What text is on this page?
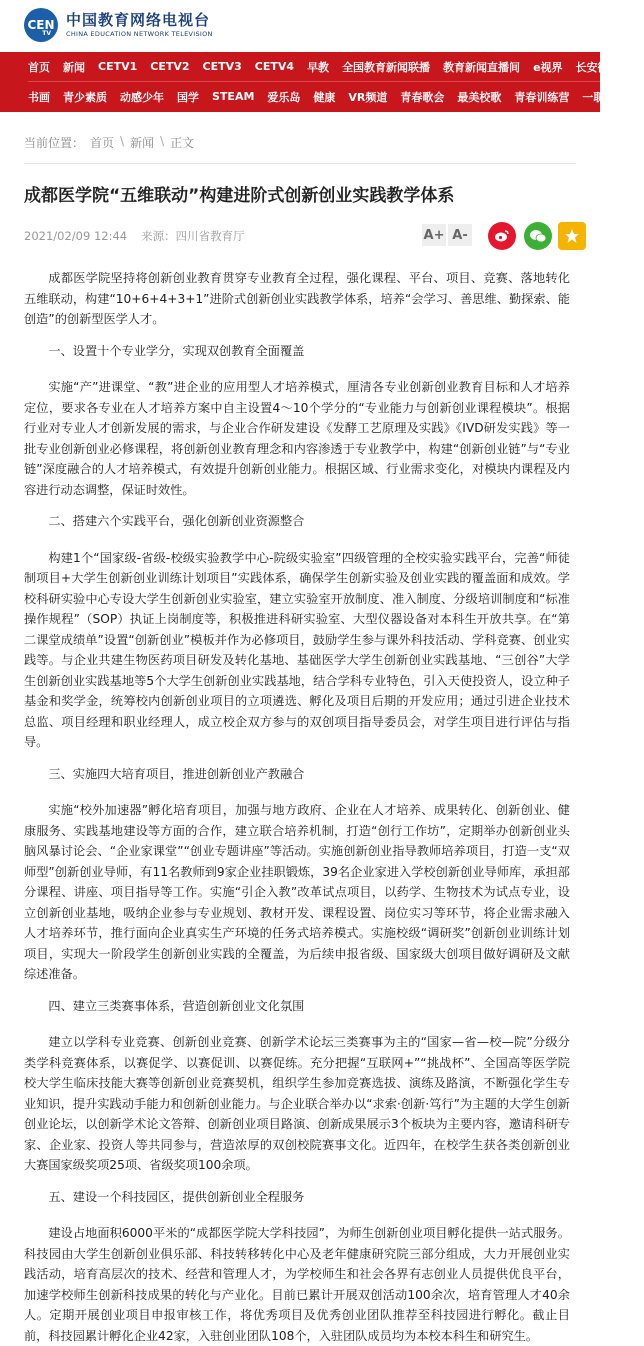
CEN
TV
中国教育网络电视台
CHINA EDUCATION NETWORK TELEVISION
首页 新闻 CETV1 CETV2 CETV3 CETV4 早教 全国教育新闻联播 教育新闻直播间 e视界 长安街 脱贫
书画 青少素质 动感少年 国学 STEAM 爱乐岛 健康 VR频道 青春歌会 最美校歌 青春训练营 一职为你
当前位置： 首页 \ 新闻 \ 正文
成都医学院“五维联动”构建进阶式创新创业实践教学体系
2021/02/09 12:44 来源：四川省教育厅	A+ A-

成都医学院坚持将创新创业教育贯穿专业教育全过程，强化课程、平台、项目、竞赛、落地转化五维联动，构建“10+6+4+3+1”进阶式创新创业实践教学体系，培养“会学习、善思维、勤探索、能创造”的创新型医学人才。

一、设置十个专业学分，实现双创教育全面覆盖

实施“产”进课堂、“教”进企业的应用型人才培养模式，厘清各专业创新创业教育目标和人才培养定位，要求各专业在人才培养方案中自主设置4～10个学分的“专业能力与创新创业课程模块”。根据行业对专业人才创新发展的需求，与企业合作研发建设《发酵工艺原理及实践》《IVD研发实践》等一批专业创新创业必修课程，将创新创业教育理念和内容渗透于专业教学中，构建“创新创业链”与“专业链”深度融合的人才培养模式，有效提升创新创业能力。根据区域、行业需求变化，对模块内课程及内容进行动态调整，保证时效性。

二、搭建六个实践平台，强化创新创业资源整合

构建1个“国家级-省级-校级实验教学中心-院级实验室”四级管理的全校实验实践平台，完善“师徒制项目+大学生创新创业训练计划项目”实践体系，确保学生创新实验及创业实践的覆盖面和成效。学校科研实验中心专设大学生创新创业实验室，建立实验室开放制度、准入制度、分级培训制度和“标准操作规程”（SOP）执证上岗制度等，积极推进科研实验室、大型仪器设备对本科生开放共享。在“第二课堂成绩单”设置“创新创业”模板并作为必修项目，鼓励学生参与课外科技活动、学科竞赛、创业实践等。与企业共建生物医药项目研发及转化基地、基础医学大学生创新创业实践基地、“三创谷”大学生创新创业实践基地等5个大学生创新创业实践基地，结合学科专业特色，引入天使投资人，设立种子基金和奖学金，统筹校内创新创业项目的立项遴选、孵化及项目后期的开发应用；通过引进企业技术总监、项目经理和职业经理人，成立校企双方参与的双创项目指导委员会，对学生项目进行评估与指导。

三、实施四大培育项目，推进创新创业产教融合

实施“校外加速器”孵化培育项目，加强与地方政府、企业在人才培养、成果转化、创新创业、健康服务、实践基地建设等方面的合作，建立联合培养机制，打造“创行工作坊”，定期举办创新创业头脑风暴讨论会、“企业家课堂”“创业专题讲座”等活动。实施创新创业指导教师培养项目，打造一支“双师型”创新创业导师，有11名教师到9家企业挂职锻炼，39名企业家进入学校创新创业导师库，承担部分课程、讲座、项目指导等工作。实施“引企入教”改革试点项目，以药学、生物技术为试点专业，设立创新创业基地，吸纳企业参与专业规划、教材开发、课程设置、岗位实习等环节，将企业需求融入人才培养环节，推行面向企业真实生产环境的任务式培养模式。实施校级“调研奖”创新创业训练计划项目，实现大一阶段学生创新创业实践的全覆盖，为后续申报省级、国家级大创项目做好调研及文献综述准备。

四、建立三类赛事体系，营造创新创业文化氛围

建立以学科专业竞赛、创新创业竞赛、创新学术论坛三类赛事为主的“国家—省—校—院”分级分类学科竞赛体系，以赛促学、以赛促训、以赛促练。充分把握“互联网+”“挑战杯”、全国高等医学院校大学生临床技能大赛等创新创业竞赛契机，组织学生参加竞赛选拔、演练及路演，不断强化学生专业知识，提升实践动手能力和创新创业能力。与企业联合举办以“求索·创新·笃行”为主题的大学生创新创业论坛，以创新学术论文答辩、创新创业项目路演、创新成果展示3个板块为主要内容，邀请科研专家、企业家、投资人等共同参与，营造浓厚的双创校院赛事文化。近四年，在校学生获各类创新创业大赛国家级奖项25项、省级奖项100余项。

五、建设一个科技园区，提供创新创业全程服务

建设占地面积6000平米的“成都医学院大学科技园”，为师生创新创业项目孵化提供一站式服务。科技园由大学生创新创业俱乐部、科技转移转化中心及老年健康研究院三部分组成，大力开展创业实践活动，培育高层次的技术、经营和管理人才，为学校师生和社会各界有志创业人员提供优良平台，加速学校师生创新科技成果的转化与产业化。目前已累计开展双创活动100余次，培育管理人才40余人。定期开展创业项目申报审核工作，将优秀项目及优秀创业团队推荐至科技园进行孵化。截止目前，科技园累计孵化企业42家，入驻创业团队108个，入驻团队成员均为本校本科生和研究生。
